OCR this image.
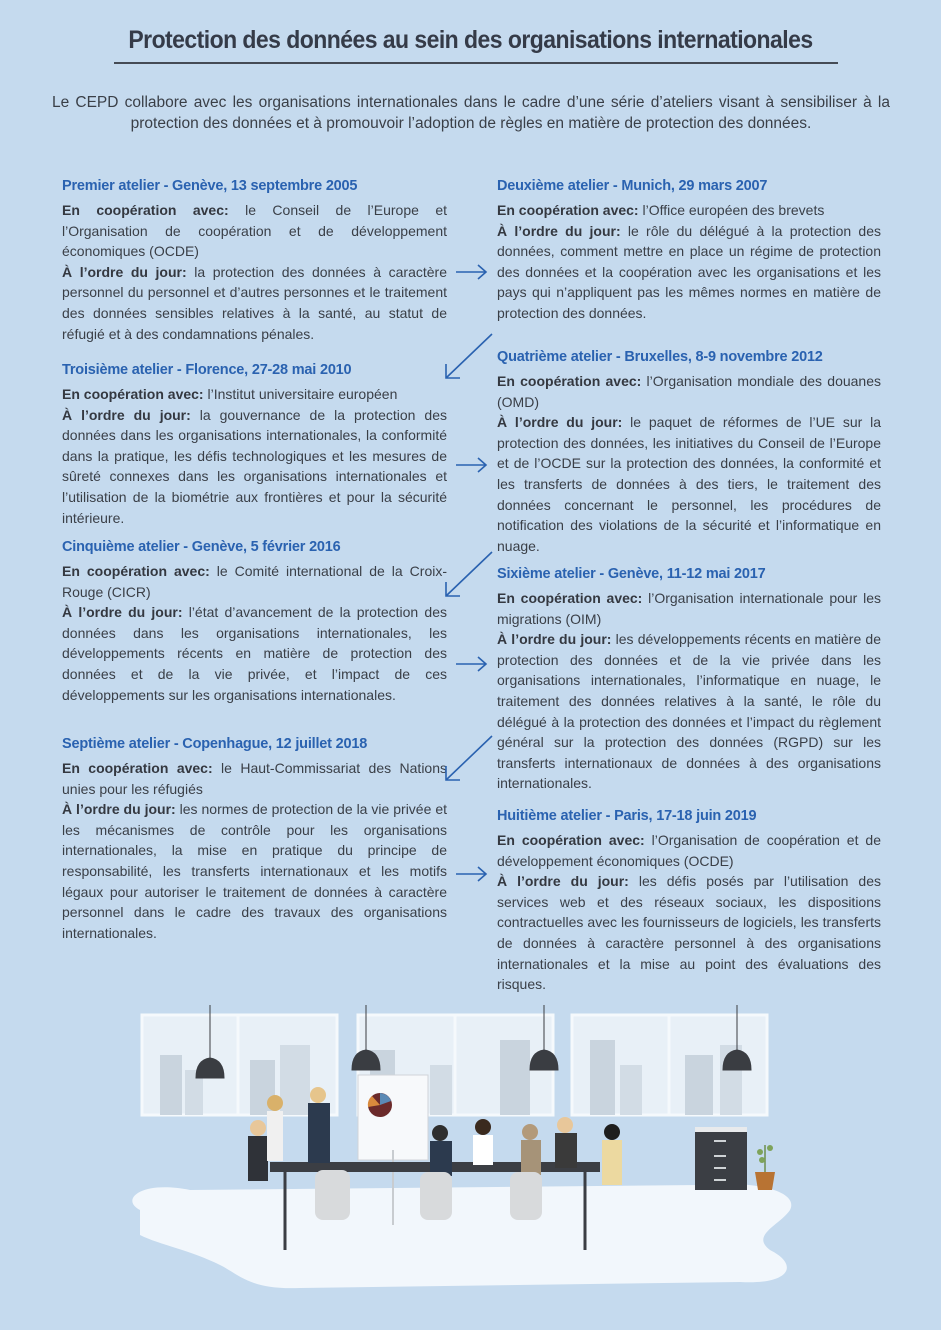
Protection des données au sein des organisations internationales
Le CEPD collabore avec les organisations internationales dans le cadre d’une série d’ateliers visant à sensibiliser à la protection des données et à promouvoir l’adoption de règles en matière de protection des données.
Premier atelier - Genève, 13 septembre 2005

En coopération avec: le Conseil de l’Europe et l’Organisation de coopération et de développement économiques (OCDE)

À l’ordre du jour: la protection des données à caractère personnel du personnel et d’autres personnes et le traitement des données sensibles relatives à la santé, au statut de réfugié et à des condamnations pénales.

Deuxième atelier - Munich, 29 mars 2007

En coopération avec: l’Office européen des brevets

À l’ordre du jour: le rôle du délégué à la protection des données, comment mettre en place un régime de protection des données et la coopération avec les organisations et les pays qui n’appliquent pas les mêmes normes en matière de protection des données.

Troisième atelier - Florence, 27-28 mai 2010

En coopération avec: l’Institut universitaire européen

À l’ordre du jour: la gouvernance de la protection des données dans les organisations internationales, la conformité dans la pratique, les défis technologiques et les mesures de sûreté connexes dans les organisations internationales et l’utilisation de la biométrie aux frontières et pour la sécurité intérieure.

Quatrième atelier - Bruxelles, 8-9 novembre 2012

En coopération avec: l’Organisation mondiale des douanes (OMD)

À l’ordre du jour: le paquet de réformes de l’UE sur la protection des données, les initiatives du Conseil de l’Europe et de l’OCDE sur la protection des données, la conformité et les transferts de données à des tiers, le traitement des données concernant le personnel, les procédures de notification des violations de la sécurité et l’informatique en nuage.

Cinquième atelier - Genève, 5 février 2016

En coopération avec: le Comité international de la Croix-Rouge (CICR)

À l’ordre du jour: l’état d’avancement de la protection des données dans les organisations internationales, les développements récents en matière de protection des données et de la vie privée, et l’impact de ces développements sur les organisations internationales.

Sixième atelier - Genève, 11-12 mai 2017

En coopération avec: l’Organisation internationale pour les migrations (OIM)

À l’ordre du jour: les développements récents en matière de protection des données et de la vie privée dans les organisations internationales, l’informatique en nuage, le traitement des données relatives à la santé, le rôle du délégué à la protection des données et l’impact du règlement général sur la protection des données (RGPD) sur les transferts internationaux de données à des organisations internationales.

Septième atelier - Copenhague, 12 juillet 2018

En coopération avec: le Haut-Commissariat des Nations unies pour les réfugiés

À l’ordre du jour: les normes de protection de la vie privée et les mécanismes de contrôle pour les organisations internationales, la mise en pratique du principe de responsabilité, les transferts internationaux et les motifs légaux pour autoriser le traitement de données à caractère personnel dans le cadre des travaux des organisations internationales.

Huitième atelier - Paris, 17-18 juin 2019

En coopération avec: l’Organisation de coopération et de développement économiques (OCDE)

À l’ordre du jour: les défis posés par l’utilisation des services web et des réseaux sociaux, les dispositions contractuelles avec les fournisseurs de logiciels, les transferts de données à caractère personnel à des organisations internationales et la mise au point des évaluations des risques.
